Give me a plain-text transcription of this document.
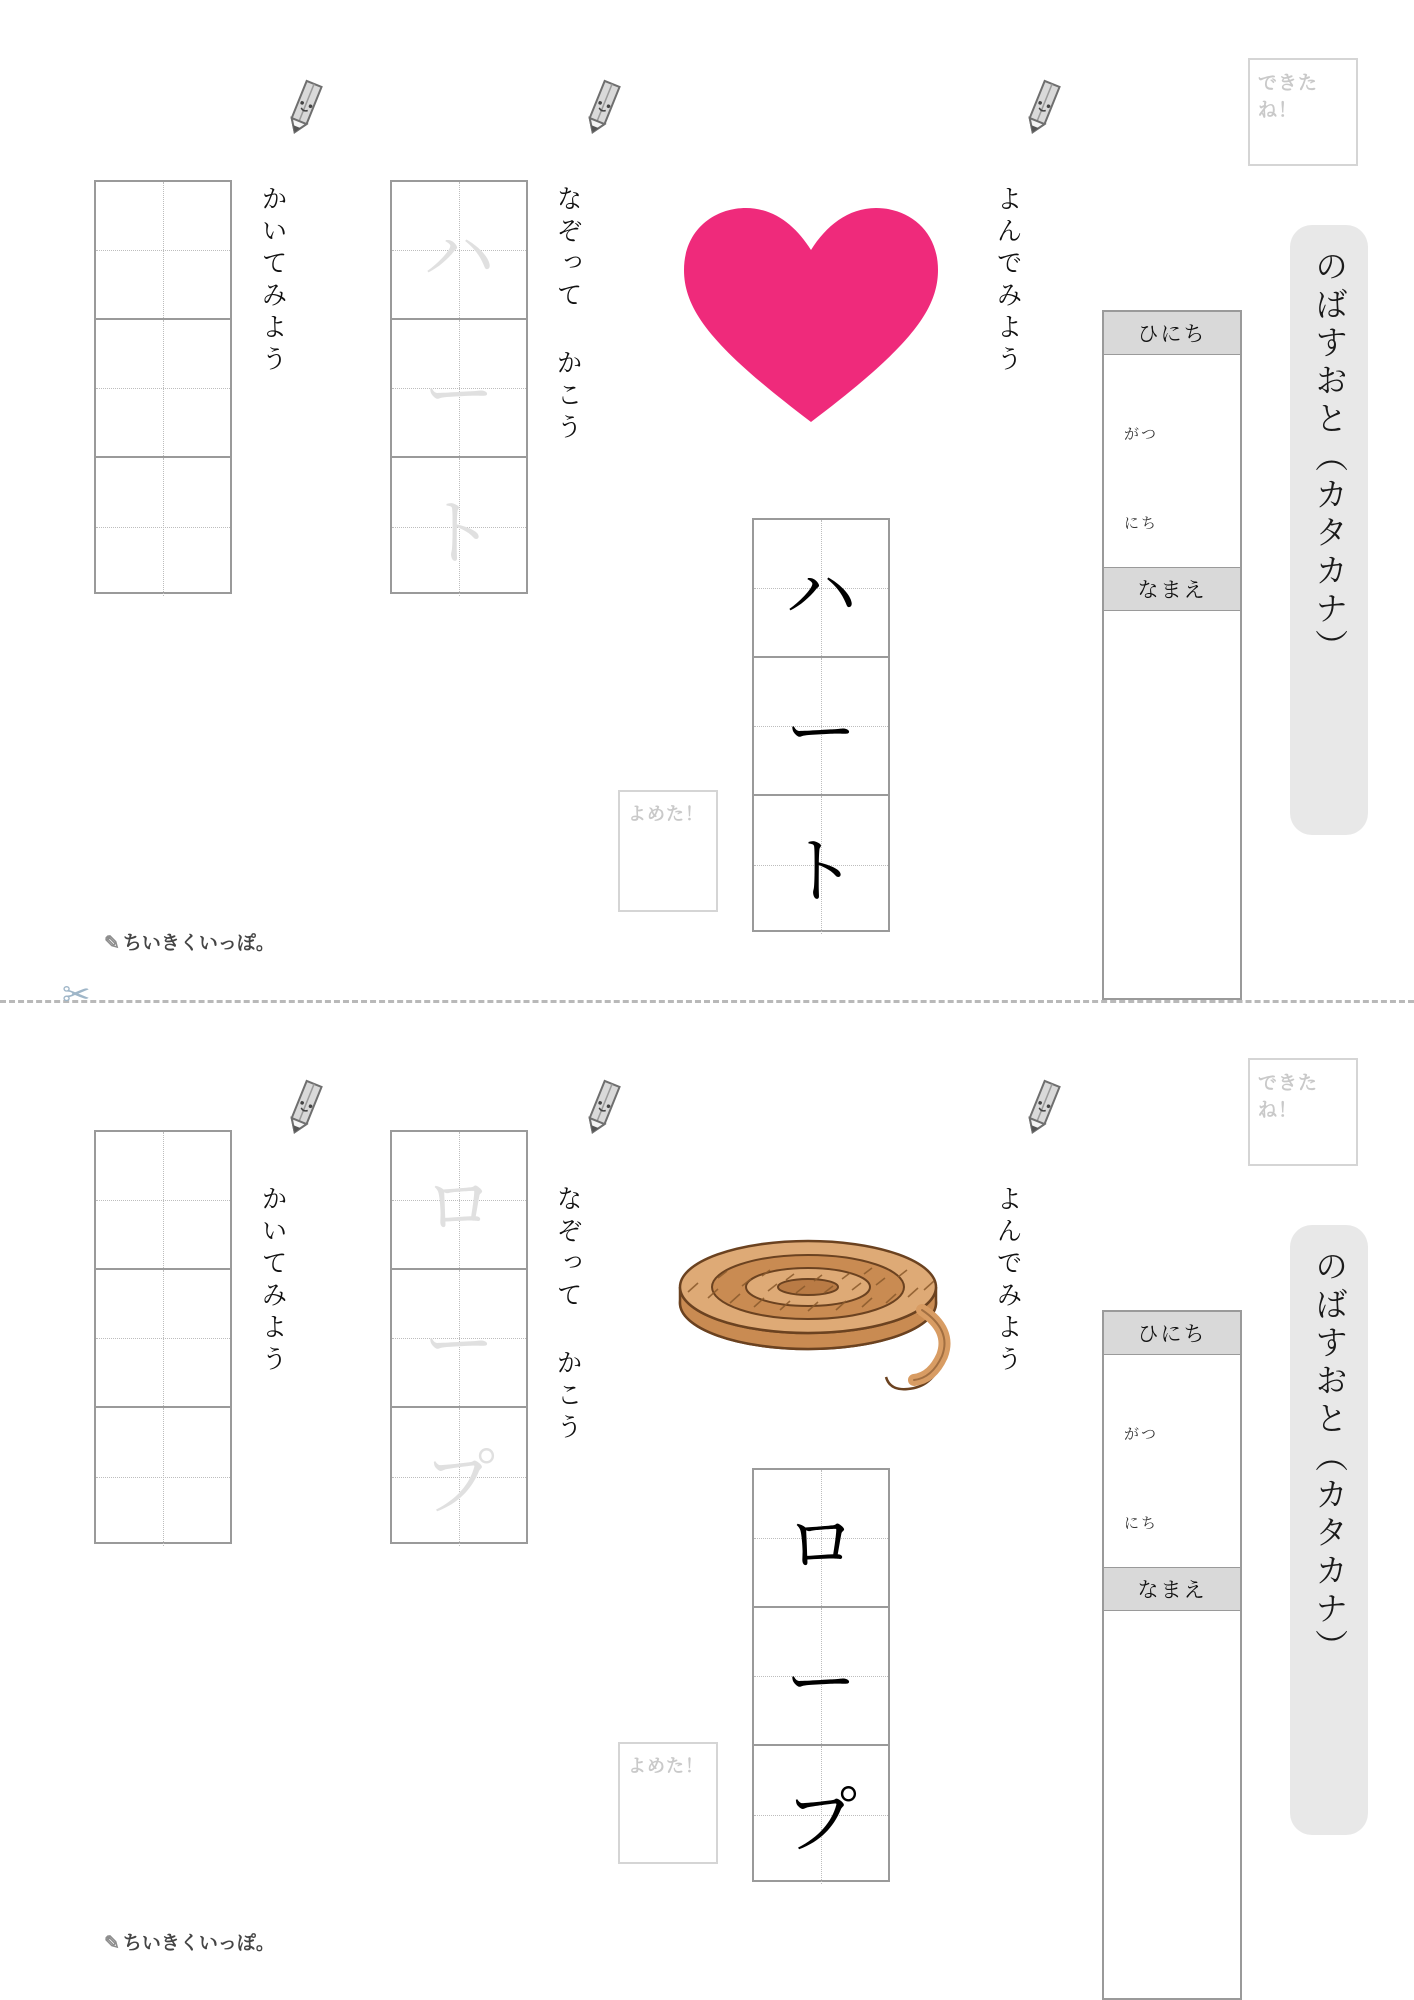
できたね！
のばすおと（カタカナ）
ひにち
がつ
にち
なまえ
よんでみよう
ハ
ー
ト
よめた！
なぞって かこう
ハ
ー
ト
かいてみよう
✎ ちいきくいっぽ。
✂
できたね！
のばすおと（カタカナ）
ひにち
がつ
にち
なまえ
よんでみよう
ロ
ー
プ
よめた！
なぞって かこう
ロ
ー
プ
かいてみよう
✎ ちいきくいっぽ。
